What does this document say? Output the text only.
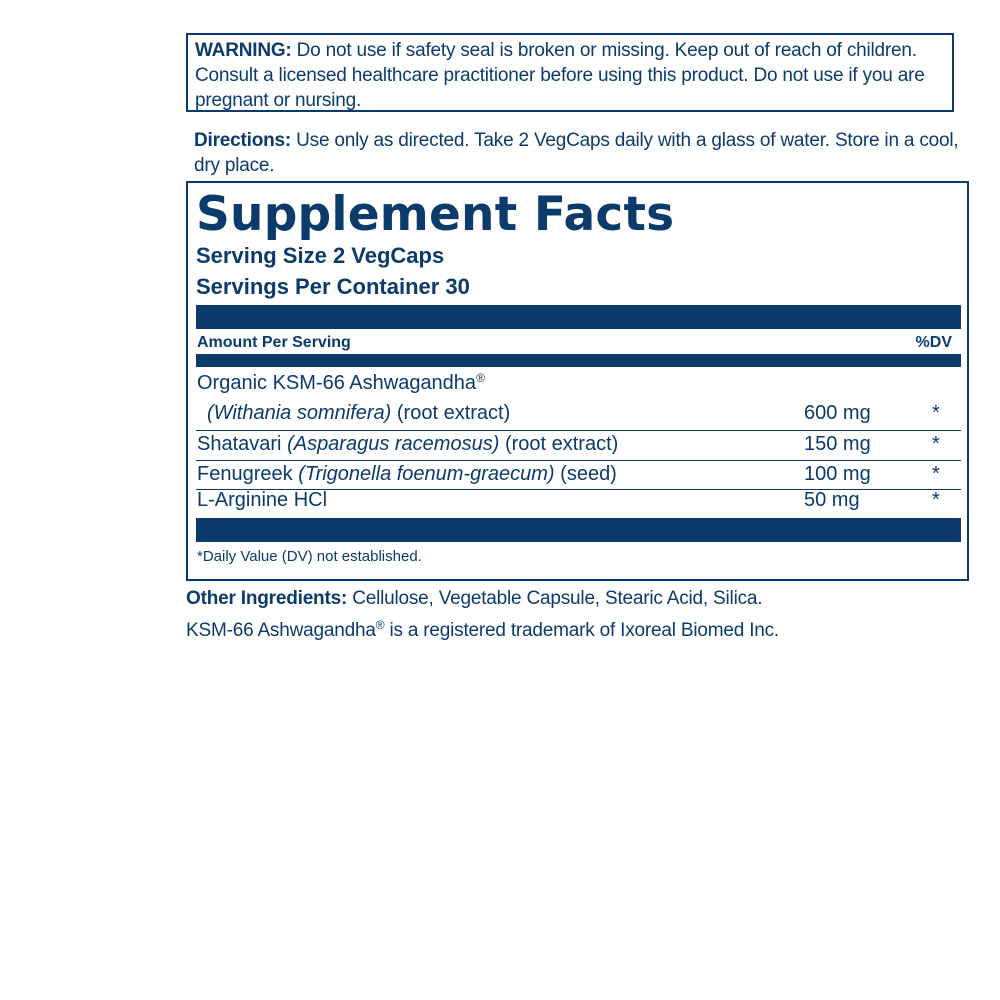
WARNING: Do not use if safety seal is broken or missing. Keep out of reach of children. Consult a licensed healthcare practitioner before using this product. Do not use if you are pregnant or nursing.
Directions: Use only as directed. Take 2 VegCaps daily with a glass of water. Store in a cool, dry place.
Supplement Facts
Serving Size 2 VegCaps
Servings Per Container 30
Amount Per Serving	%DV
Organic KSM-66 Ashwagandha®
(Withania somnifera) (root extract)	600 mg	*
Shatavari (Asparagus racemosus) (root extract)	150 mg	*
Fenugreek (Trigonella foenum-graecum) (seed)	100 mg	*
L-Arginine HCl	50 mg	*
*Daily Value (DV) not established.
Other Ingredients: Cellulose, Vegetable Capsule, Stearic Acid, Silica.
KSM-66 Ashwagandha® is a registered trademark of Ixoreal Biomed Inc.
